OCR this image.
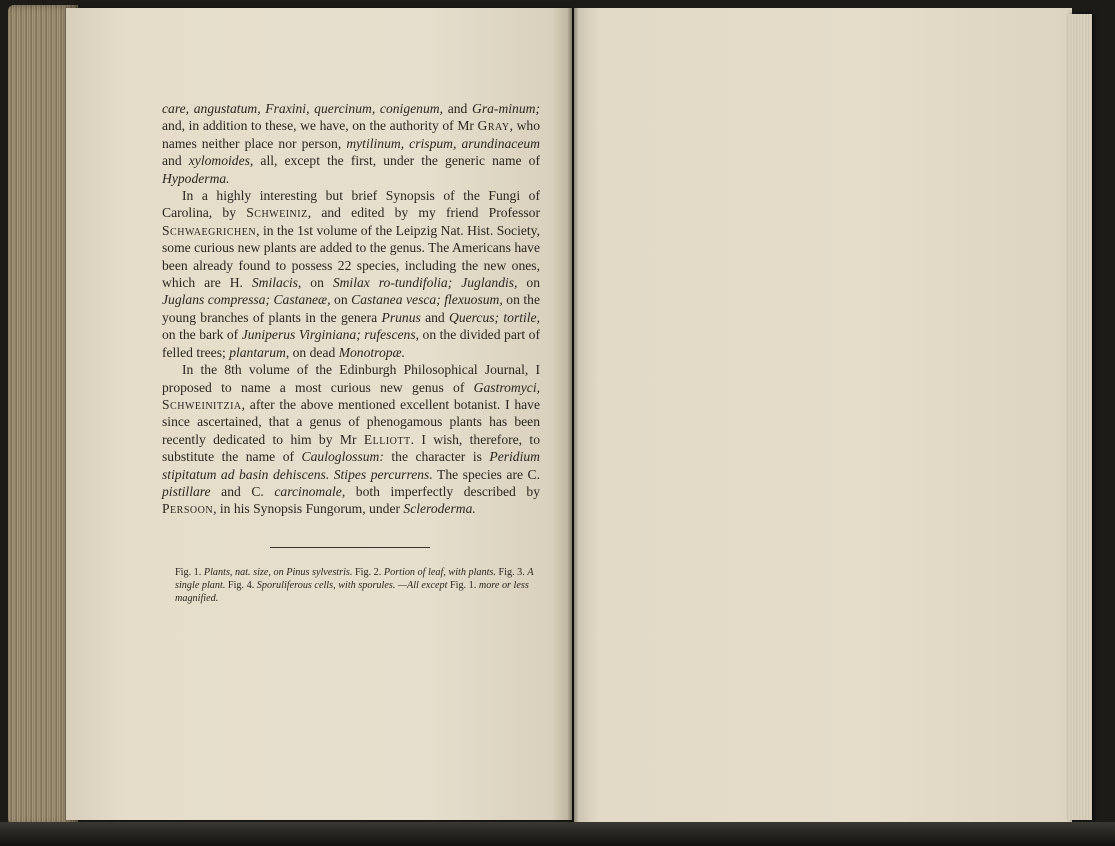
care, angustatum, Fraxini, quercinum, conigenum, and Gra-minum; and, in addition to these, we have, on the authority of Mr Gray, who names neither place nor person, mytilinum, crispum, arundinaceum and xylomoides, all, except the first, under the generic name of Hypoderma.

In a highly interesting but brief Synopsis of the Fungi of Carolina, by Schweiniz, and edited by my friend Professor Schwaegrichen, in the 1st volume of the Leipzig Nat. Hist. Society, some curious new plants are added to the genus. The Americans have been already found to possess 22 species, including the new ones, which are H. Smilacis, on Smilax ro-tundifolia; Juglandis, on Juglans compressa; Castaneæ, on Castanea vesca; flexuosum, on the young branches of plants in the genera Prunus and Quercus; tortile, on the bark of Juniperus Virginiana; rufescens, on the divided part of felled trees; plantarum, on dead Monotropæ.

In the 8th volume of the Edinburgh Philosophical Journal, I proposed to name a most curious new genus of Gastromyci, Schweinitzia, after the above mentioned excellent botanist. I have since ascertained, that a genus of phenogamous plants has been recently dedicated to him by Mr Elliott. I wish, therefore, to substitute the name of Cauloglossum: the character is Peridium stipitatum ad basin dehiscens. Stipes percurrens. The species are C. pistillare and C. carcinomale, both imperfectly described by Persoon, in his Synopsis Fungorum, under Scleroderma.

Fig. 1. Plants, nat. size, on Pinus sylvestris. Fig. 2. Portion of leaf, with plants. Fig. 3. A single plant. Fig. 4. Sporuliferous cells, with sporules. —All except Fig. 1. more or less magnified.
